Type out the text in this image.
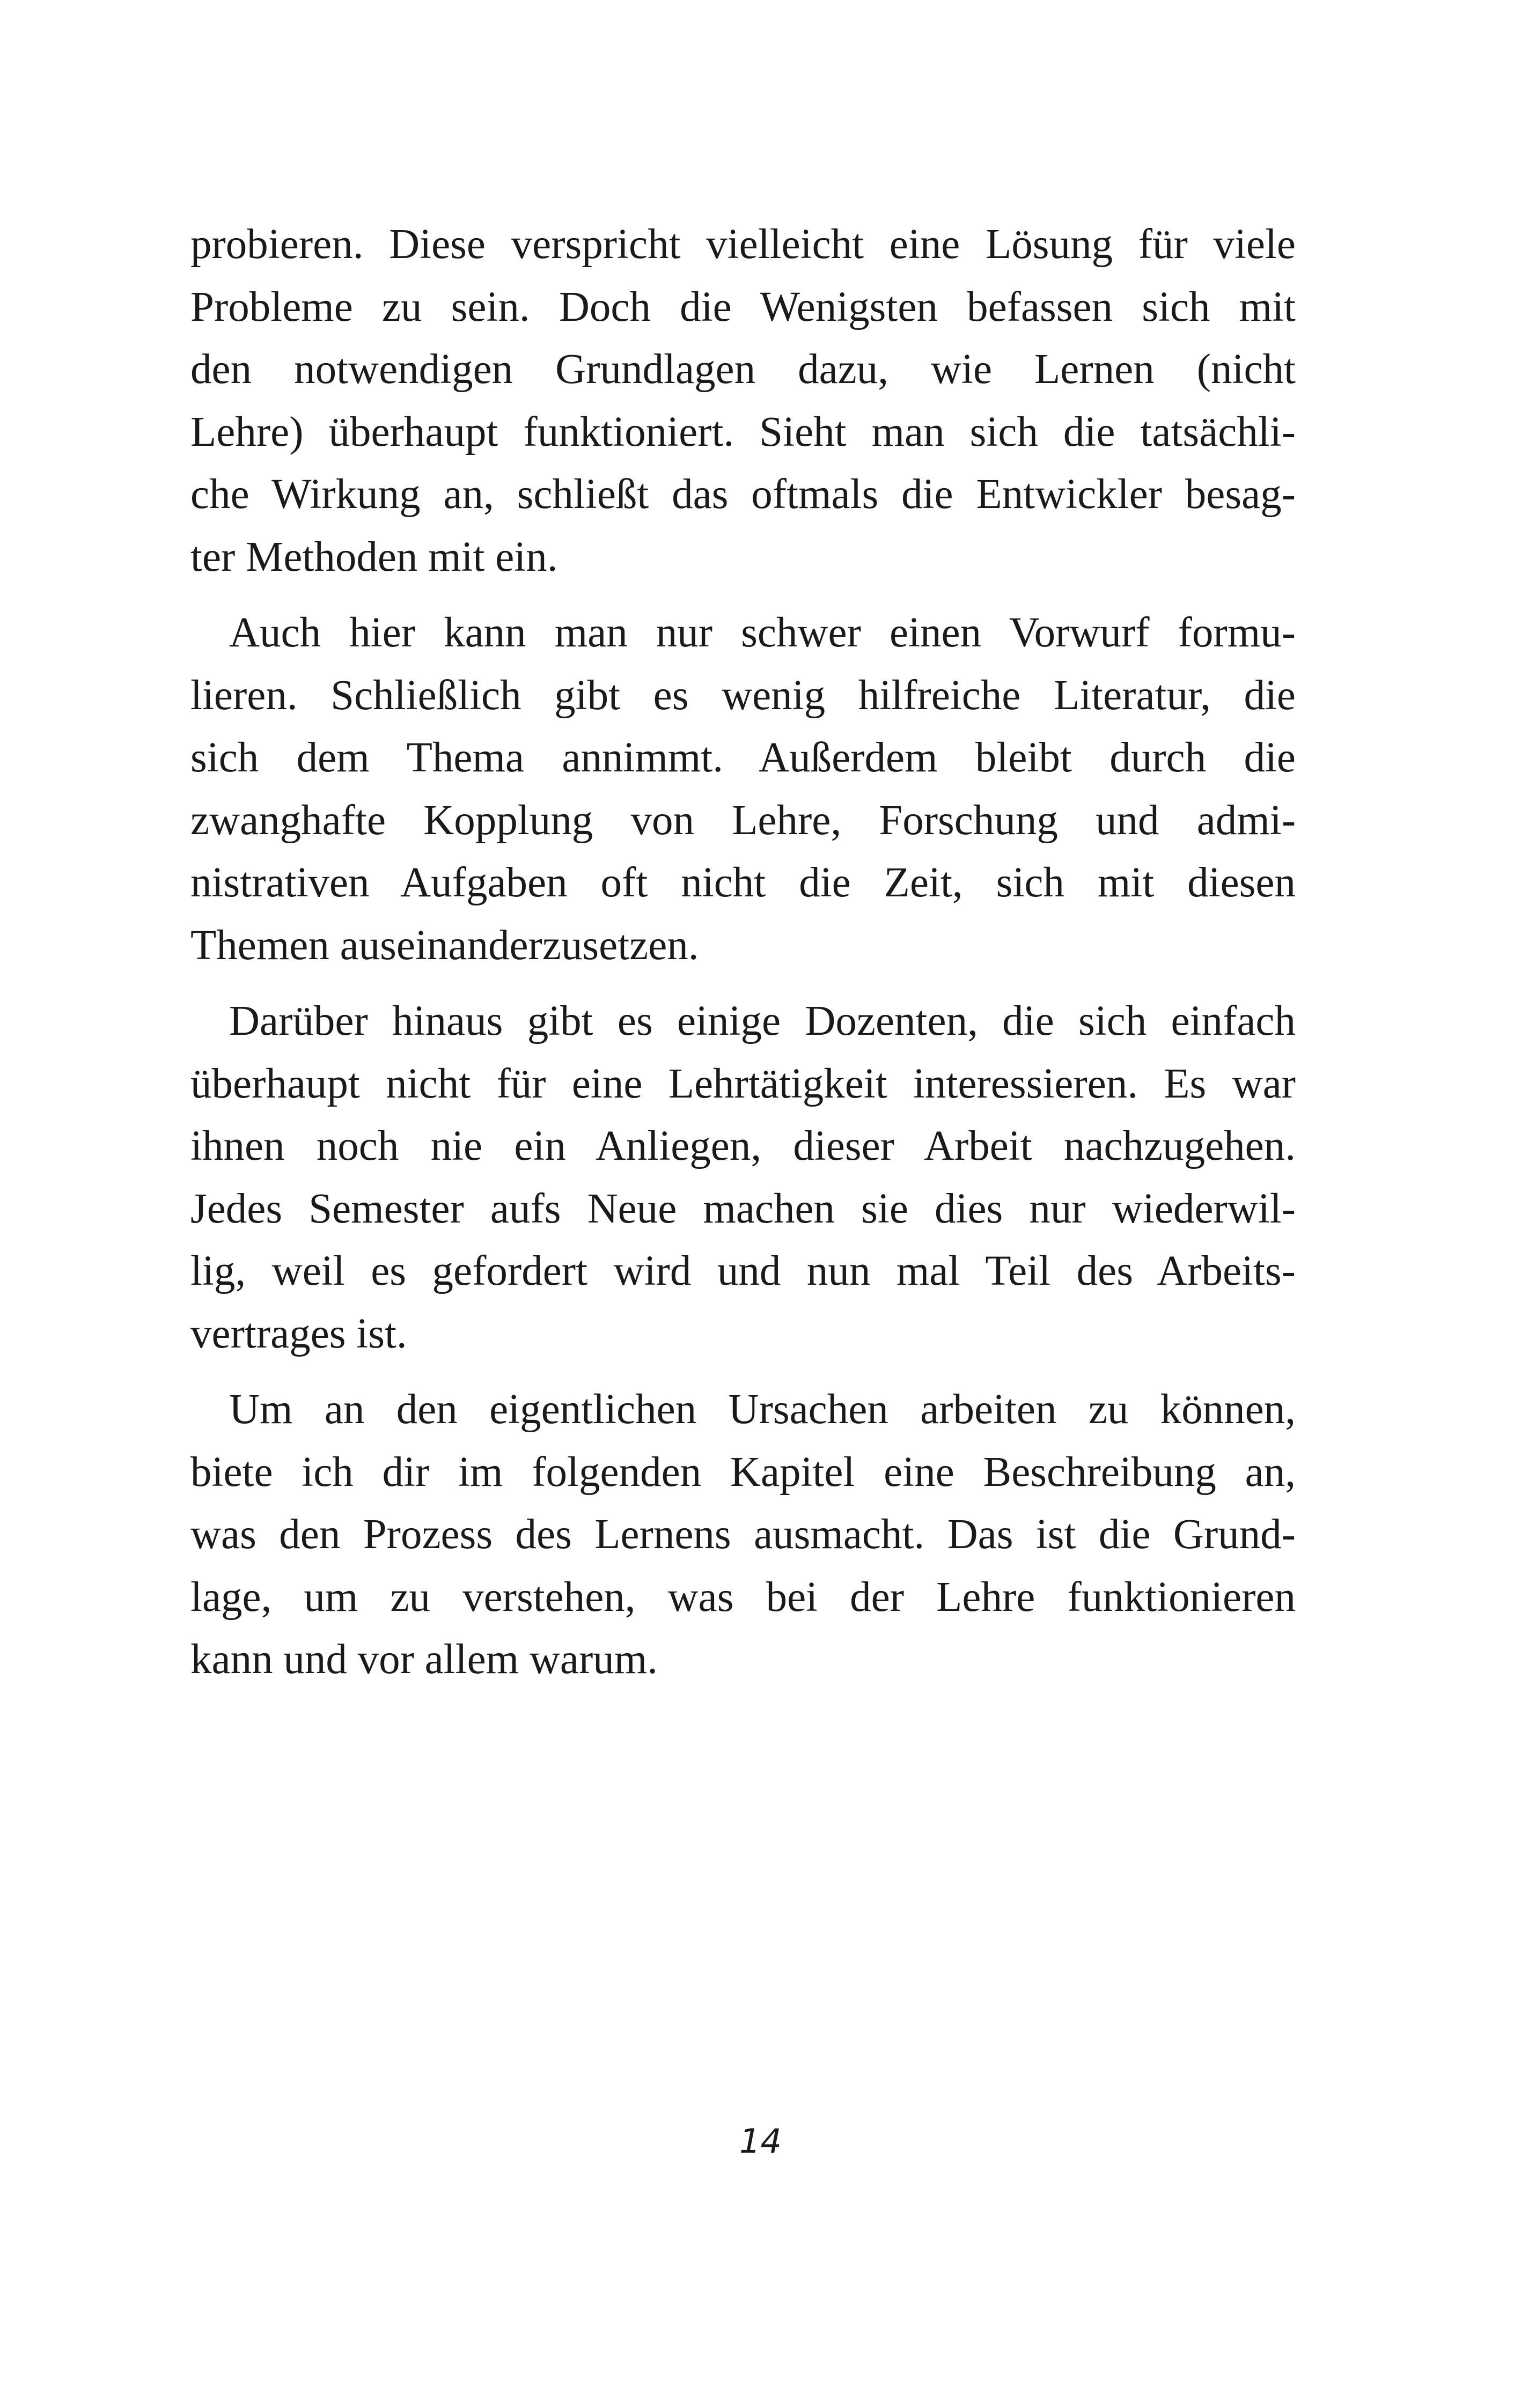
probieren. Diese verspricht vielleicht eine Lösung für viele
Probleme zu sein. Doch die Wenigsten befassen sich mit
den notwendigen Grundlagen dazu, wie Lernen (nicht
Lehre) überhaupt funktioniert. Sieht man sich die tatsächli-
che Wirkung an, schließt das oftmals die Entwickler besag-
ter Methoden mit ein.

Auch hier kann man nur schwer einen Vorwurf formu-
lieren. Schließlich gibt es wenig hilfreiche Literatur, die
sich dem Thema annimmt. Außerdem bleibt durch die
zwanghafte Kopplung von Lehre, Forschung und admi-
nistrativen Aufgaben oft nicht die Zeit, sich mit diesen
Themen auseinanderzusetzen.

Darüber hinaus gibt es einige Dozenten, die sich einfach
überhaupt nicht für eine Lehrtätigkeit interessieren. Es war
ihnen noch nie ein Anliegen, dieser Arbeit nachzugehen.
Jedes Semester aufs Neue machen sie dies nur wiederwil-
lig, weil es gefordert wird und nun mal Teil des Arbeits-
vertrages ist.

Um an den eigentlichen Ursachen arbeiten zu können,
biete ich dir im folgenden Kapitel eine Beschreibung an,
was den Prozess des Lernens ausmacht. Das ist die Grund-
lage, um zu verstehen, was bei der Lehre funktionieren
kann und vor allem warum.

14
